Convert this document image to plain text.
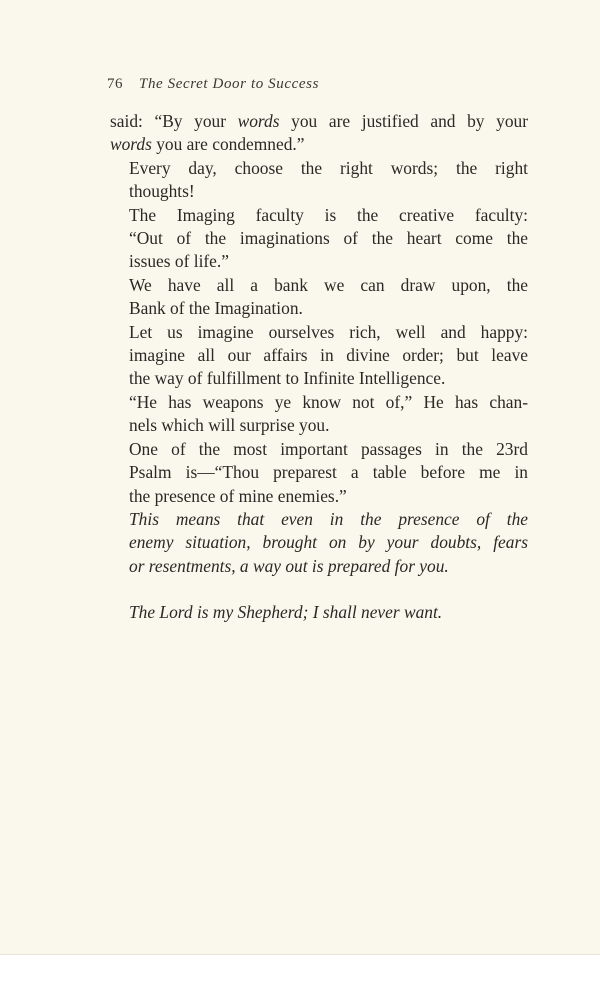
76 The Secret Door to Success

said: “By your words you are justified and by your
words you are condemned.”

Every day, choose the right words; the right
thoughts!

The Imaging faculty is the creative faculty:
“Out of the imaginations of the heart come the
issues of life.”

We have all a bank we can draw upon, the
Bank of the Imagination.

Let us imagine ourselves rich, well and happy:
imagine all our affairs in divine order; but leave
the way of fulfillment to Infinite Intelligence.

“He has weapons ye know not of,” He has chan-
nels which will surprise you.

One of the most important passages in the 23rd
Psalm is—“Thou preparest a table before me in
the presence of mine enemies.”

This means that even in the presence of the
enemy situation, brought on by your doubts, fears
or resentments, a way out is prepared for you.

The Lord is my Shepherd; I shall never want.
